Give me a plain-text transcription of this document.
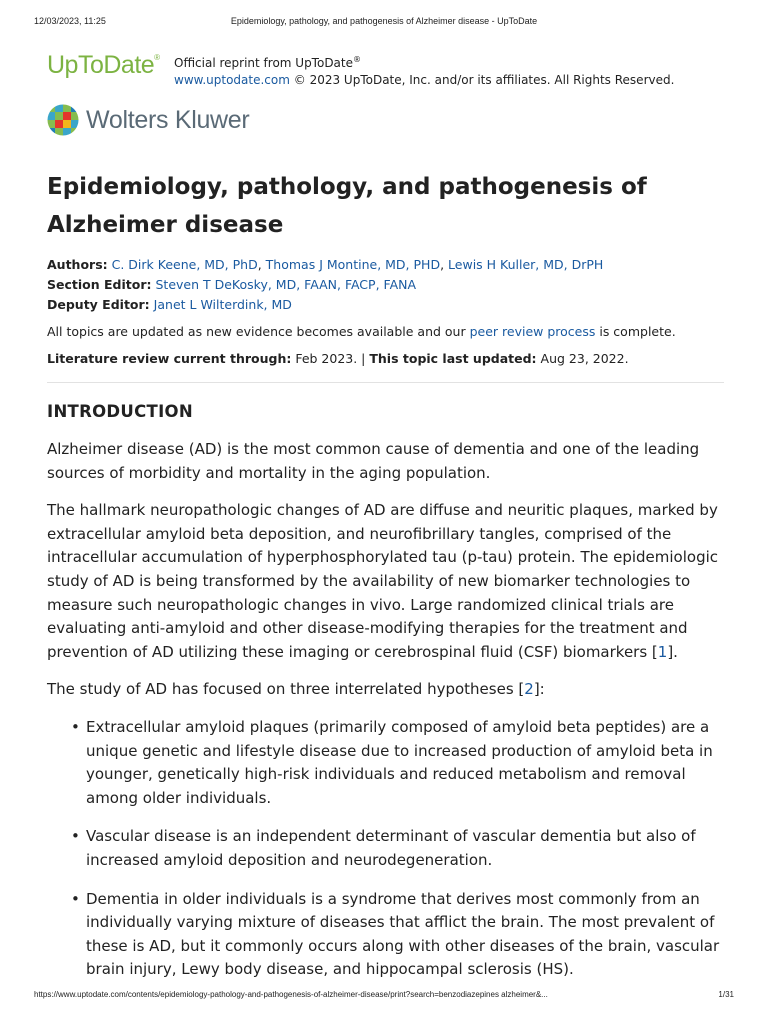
12/03/2023, 11:25	Epidemiology, pathology, and pathogenesis of Alzheimer disease - UpToDate
UpToDate® Official reprint from UpToDate®
www.uptodate.com © 2023 UpToDate, Inc. and/or its affiliates. All Rights Reserved.
Wolters Kluwer
Epidemiology, pathology, and pathogenesis of Alzheimer disease
Authors: C. Dirk Keene, MD, PhD, Thomas J Montine, MD, PHD, Lewis H Kuller, MD, DrPH
Section Editor: Steven T DeKosky, MD, FAAN, FACP, FANA
Deputy Editor: Janet L Wilterdink, MD
All topics are updated as new evidence becomes available and our peer review process is complete.
Literature review current through: Feb 2023. | This topic last updated: Aug 23, 2022.
INTRODUCTION

Alzheimer disease (AD) is the most common cause of dementia and one of the leading sources of morbidity and mortality in the aging population.

The hallmark neuropathologic changes of AD are diffuse and neuritic plaques, marked by extracellular amyloid beta deposition, and neurofibrillary tangles, comprised of the intracellular accumulation of hyperphosphorylated tau (p-tau) protein. The epidemiologic study of AD is being transformed by the availability of new biomarker technologies to measure such neuropathologic changes in vivo. Large randomized clinical trials are evaluating anti-amyloid and other disease-modifying therapies for the treatment and prevention of AD utilizing these imaging or cerebrospinal fluid (CSF) biomarkers [1].

The study of AD has focused on three interrelated hypotheses [2]:

• Extracellular amyloid plaques (primarily composed of amyloid beta peptides) are a unique genetic and lifestyle disease due to increased production of amyloid beta in younger, genetically high-risk individuals and reduced metabolism and removal among older individuals.
• Vascular disease is an independent determinant of vascular dementia but also of increased amyloid deposition and neurodegeneration.
• Dementia in older individuals is a syndrome that derives most commonly from an individually varying mixture of diseases that afflict the brain. The most prevalent of these is AD, but it commonly occurs along with other diseases of the brain, vascular brain injury, Lewy body disease, and hippocampal sclerosis (HS).
https://www.uptodate.com/contents/epidemiology-pathology-and-pathogenesis-of-alzheimer-disease/print?search=benzodiazepines alzheimer&...	1/31
